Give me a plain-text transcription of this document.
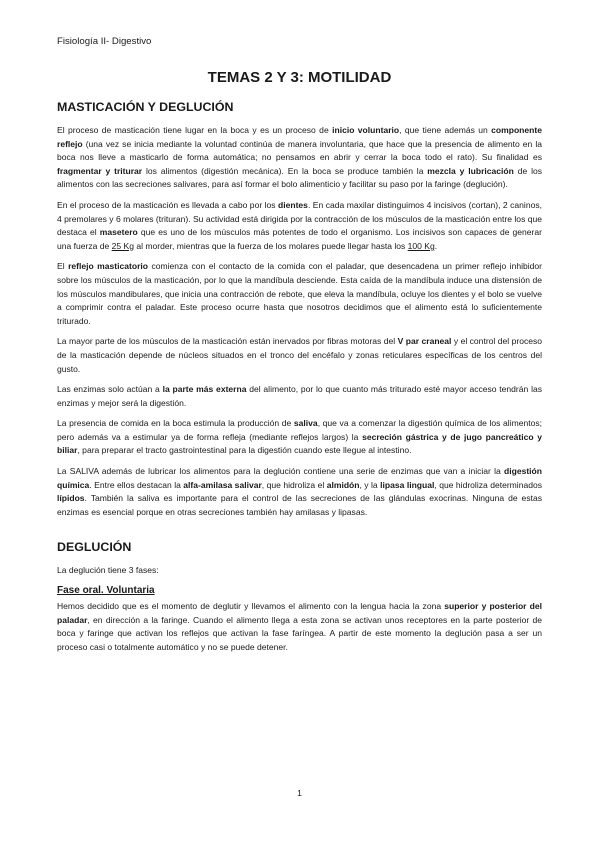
Fisiología II- Digestivo
TEMAS 2 Y 3: MOTILIDAD
MASTICACIÓN Y DEGLUCIÓN

El proceso de masticación tiene lugar en la boca y es un proceso de inicio voluntario, que tiene además un componente reflejo (una vez se inicia mediante la voluntad continúa de manera involuntaria, que hace que la presencia de alimento en la boca nos lleve a masticarlo de forma automática; no pensamos en abrir y cerrar la boca todo el rato). Su finalidad es fragmentar y triturar los alimentos (digestión mecánica). En la boca se produce también la mezcla y lubricación de los alimentos con las secreciones salivares, para así formar el bolo alimenticio y facilitar su paso por la faringe (deglución).

En el proceso de la masticación es llevada a cabo por los dientes. En cada maxilar distinguimos 4 incisivos (cortan), 2 caninos, 4 premolares y 6 molares (trituran). Su actividad está dirigida por la contracción de los músculos de la masticación entre los que destaca el masetero que es uno de los músculos más potentes de todo el organismo. Los incisivos son capaces de generar una fuerza de 25 Kg al morder, mientras que la fuerza de los molares puede llegar hasta los 100 Kg.

El reflejo masticatorio comienza con el contacto de la comida con el paladar, que desencadena un primer reflejo inhibidor sobre los músculos de la masticación, por lo que la mandíbula desciende. Esta caída de la mandíbula induce una distensión de los músculos mandibulares, que inicia una contracción de rebote, que eleva la mandíbula, ocluye los dientes y el bolo se vuelve a comprimir contra el paladar. Este proceso ocurre hasta que nosotros decidimos que el alimento está lo suficientemente triturado.

La mayor parte de los músculos de la masticación están inervados por fibras motoras del V par craneal y el control del proceso de la masticación depende de núcleos situados en el tronco del encéfalo y zonas reticulares específicas de los centros del gusto.

Las enzimas solo actúan a la parte más externa del alimento, por lo que cuanto más triturado esté mayor acceso tendrán las enzimas y mejor será la digestión.

La presencia de comida en la boca estimula la producción de saliva, que va a comenzar la digestión química de los alimentos; pero además va a estimular ya de forma refleja (mediante reflejos largos) la secreción gástrica y de jugo pancreático y biliar, para preparar el tracto gastrointestinal para la digestión cuando este llegue al intestino.

La SALIVA además de lubricar los alimentos para la deglución contiene una serie de enzimas que van a iniciar la digestión química. Entre ellos destacan la alfa-amilasa salivar, que hidroliza el almidón, y la lipasa lingual, que hidroliza determinados lípidos. También la saliva es importante para el control de las secreciones de las glándulas exocrinas. Ninguna de estas enzimas es esencial porque en otras secreciones también hay amilasas y lipasas.

DEGLUCIÓN

La deglución tiene 3 fases:

Fase oral. Voluntaria

Hemos decidido que es el momento de deglutir y llevamos el alimento con la lengua hacia la zona superior y posterior del paladar, en dirección a la faringe. Cuando el alimento llega a esta zona se activan unos receptores en la parte posterior de boca y faringe que activan los reflejos que activan la fase faríngea. A partir de este momento la deglución pasa a ser un proceso casi o totalmente automático y no se puede detener.

1
